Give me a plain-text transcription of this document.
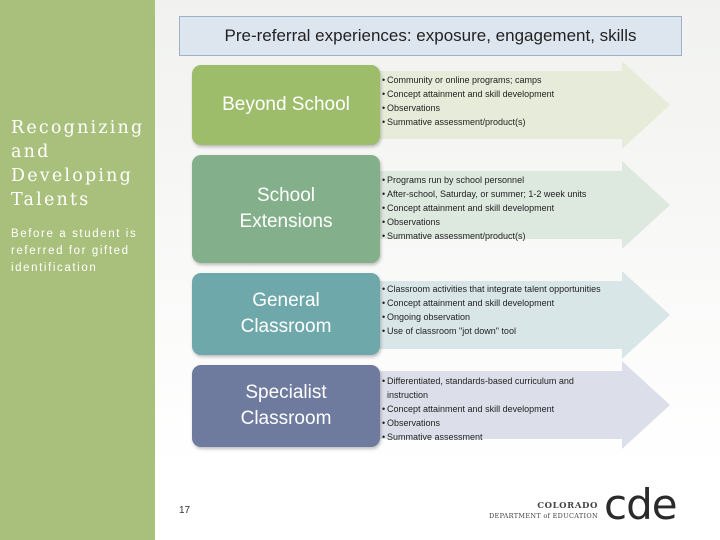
Recognizing
and
Developing
Talents
Before a student is referred for gifted identification
Pre-referral experiences: exposure, engagement, skills
Beyond School
School
Extensions
General
Classroom
Specialist
Classroom
• Community or online programs; camps
• Concept attainment and skill development
• Observations
• Summative assessment/product(s)
• Programs run by school personnel
• After-school, Saturday, or summer; 1-2 week units
• Concept attainment and skill development
• Observations
• Summative assessment/product(s)
• Classroom activities that integrate talent opportunities
• Concept attainment and skill development
• Ongoing observation
• Use of classroom "jot down" tool
• Differentiated, standards-based curriculum and instruction
• Concept attainment and skill development
• Observations
• Summative assessment
17	COLORADO
DEPARTMENT of EDUCATION cde
